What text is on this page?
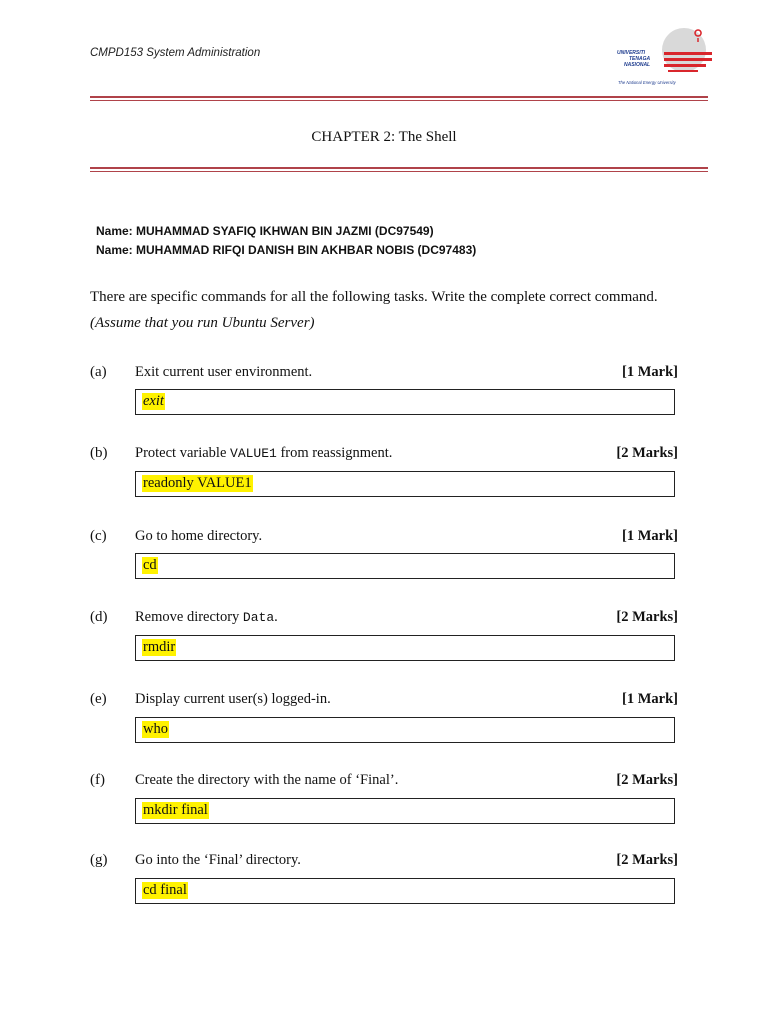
CMPD153 System Administration	UNIVERSITI
TENAGA
NASIONAL
The National Energy University
CHAPTER 2: The Shell
Name: MUHAMMAD SYAFIQ IKHWAN BIN JAZMI (DC97549)
Name: MUHAMMAD RIFQI DANISH BIN AKHBAR NOBIS (DC97483)
There are specific commands for all the following tasks. Write the complete correct command.
(Assume that you run Ubuntu Server)
(a) Exit current user environment.	[1 Mark]
exit
(b) Protect variable VALUE1 from reassignment.	[2 Marks]
readonly VALUE1
(c) Go to home directory.	[1 Mark]
cd
(d) Remove directory Data.	[2 Marks]
rmdir
(e) Display current user(s) logged-in.	[1 Mark]
who
(f) Create the directory with the name of ‘Final’.	[2 Marks]
mkdir final
(g) Go into the ‘Final’ directory.	[2 Marks]
cd final
